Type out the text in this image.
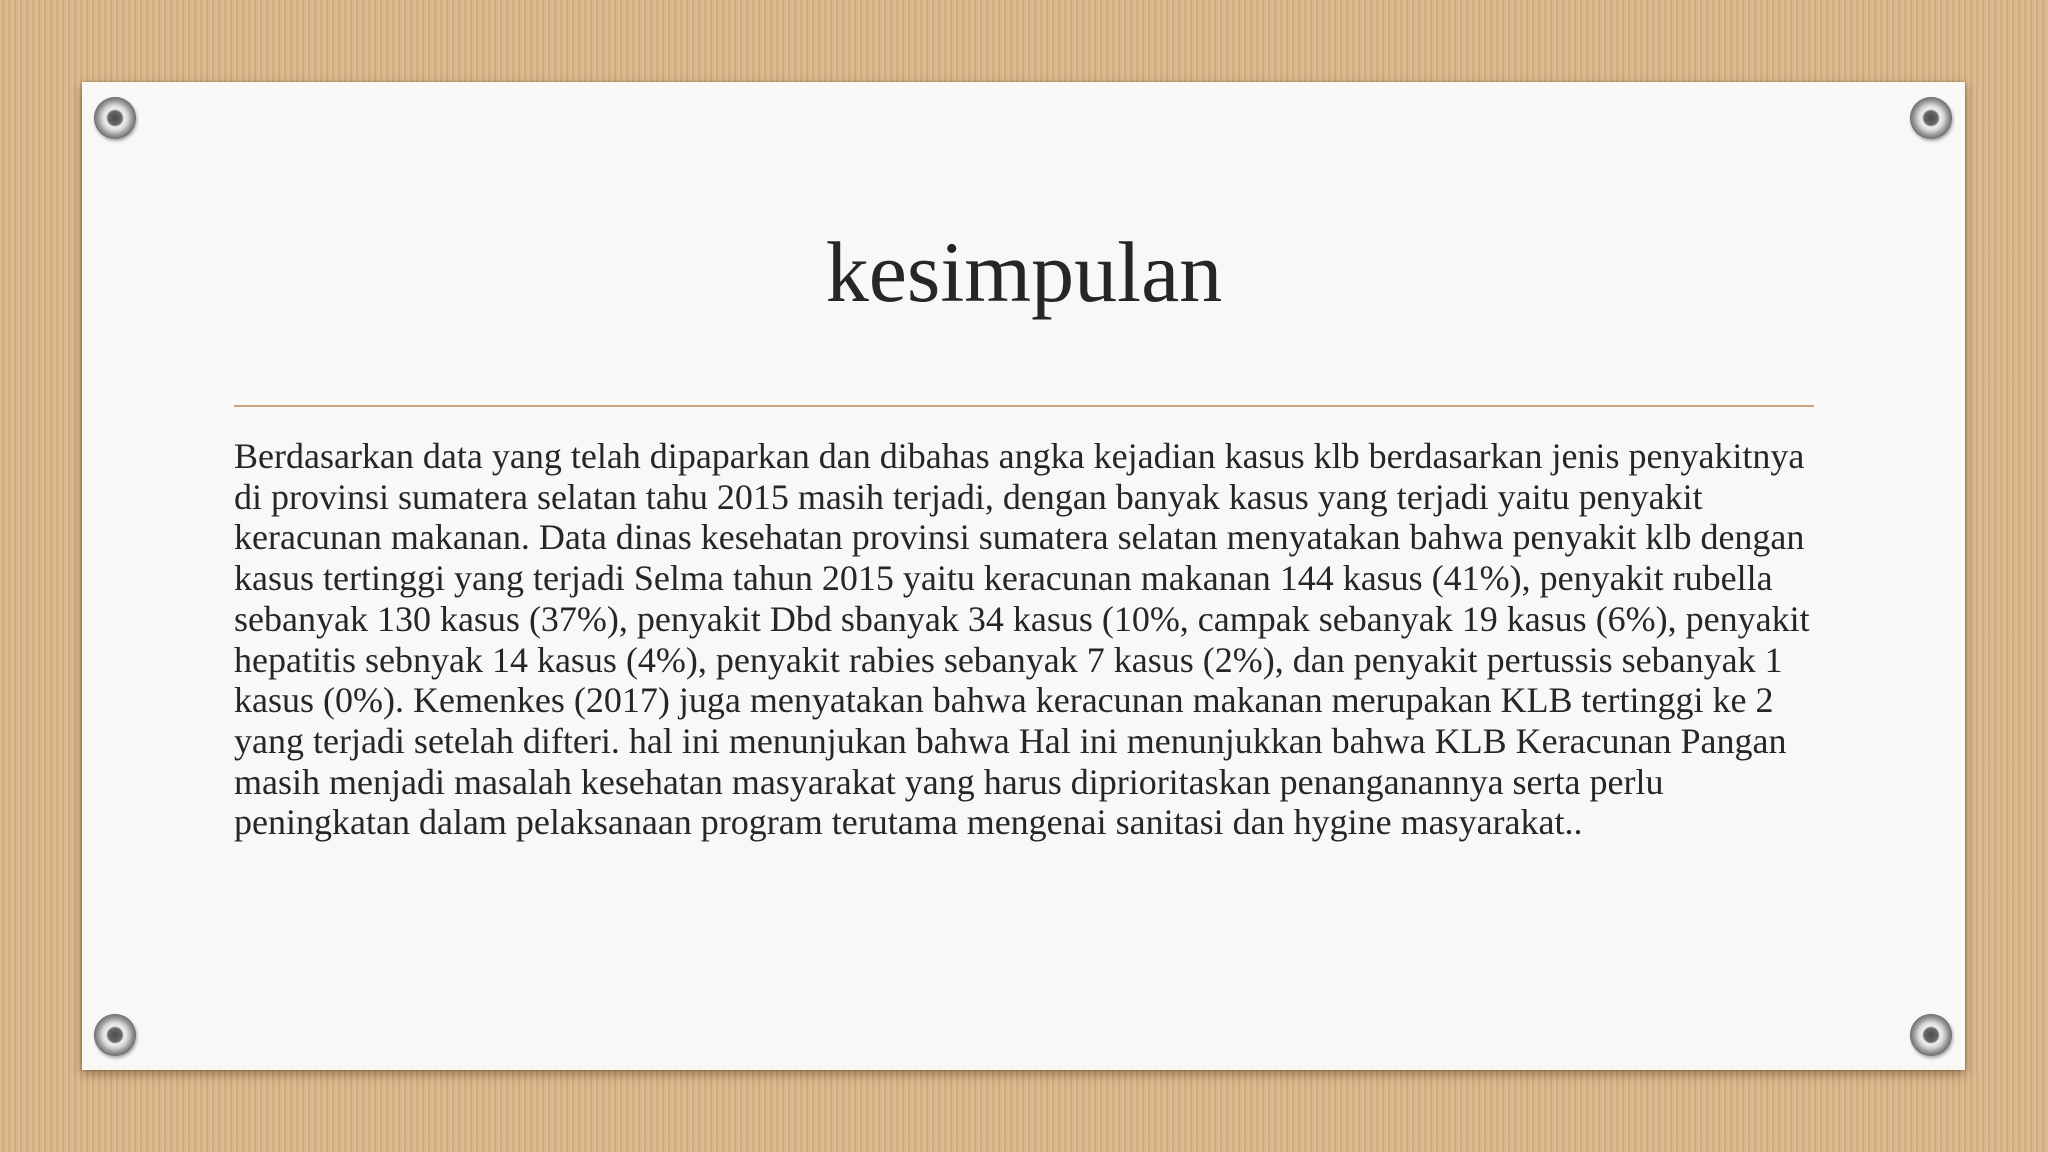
kesimpulan

Berdasarkan data yang telah dipaparkan dan dibahas angka kejadian kasus klb berdasarkan jenis penyakitnya di provinsi sumatera selatan tahu 2015 masih terjadi, dengan banyak kasus yang terjadi yaitu penyakit keracunan makanan. Data dinas kesehatan provinsi sumatera selatan menyatakan bahwa penyakit klb dengan kasus tertinggi yang terjadi Selma tahun 2015 yaitu keracunan makanan 144 kasus (41%), penyakit rubella sebanyak 130 kasus (37%), penyakit Dbd sbanyak 34 kasus (10%, campak sebanyak 19 kasus (6%), penyakit hepatitis sebnyak 14 kasus (4%), penyakit rabies sebanyak 7 kasus (2%), dan penyakit pertussis sebanyak 1 kasus (0%). Kemenkes (2017) juga menyatakan bahwa keracunan makanan merupakan KLB tertinggi ke 2 yang terjadi setelah difteri. hal ini menunjukan bahwa Hal ini menunjukkan bahwa KLB Keracunan Pangan masih menjadi masalah kesehatan masyarakat yang harus diprioritaskan penanganannya serta perlu peningkatan dalam pelaksanaan program terutama mengenai sanitasi dan hygine masyarakat..
